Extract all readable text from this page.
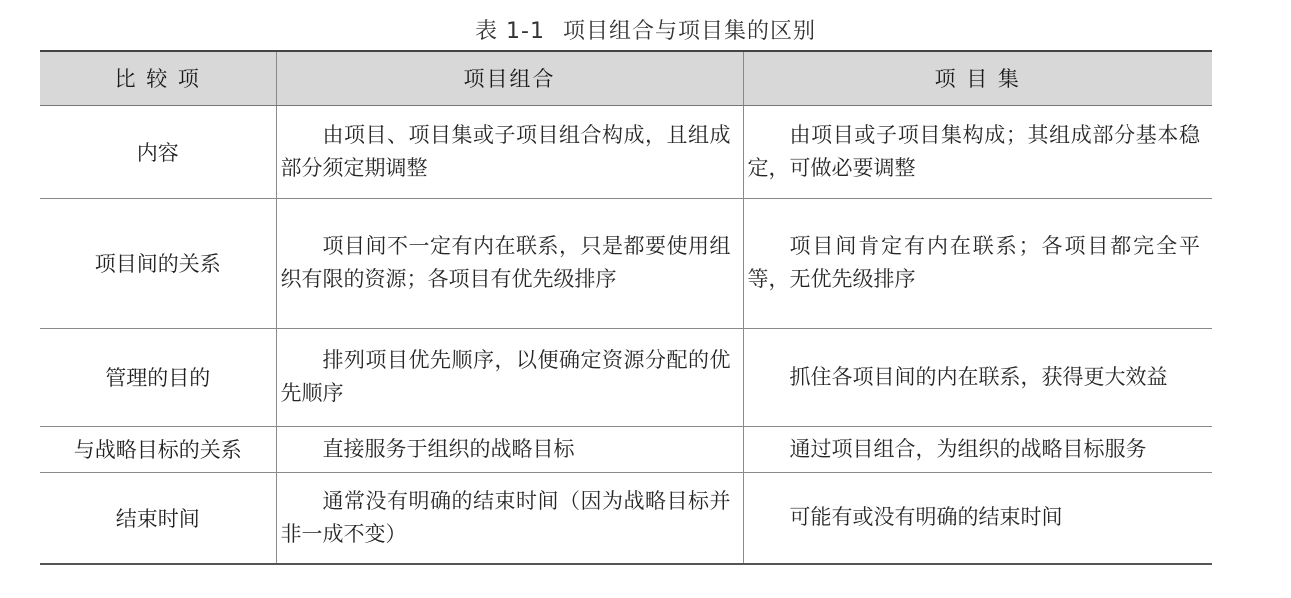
表 1-1 项目组合与项目集的区别
比 较 项	项目组合	项 目 集
内容	由项目、项目集或子项目组合构成，且组成部分须定期调整	由项目或子项目集构成；其组成部分基本稳定，可做必要调整
项目间的关系	项目间不一定有内在联系，只是都要使用组织有限的资源；各项目有优先级排序	项目间肯定有内在联系；各项目都完全平等，无优先级排序
管理的目的	排列项目优先顺序，以便确定资源分配的优先顺序	抓住各项目间的内在联系，获得更大效益
与战略目标的关系	直接服务于组织的战略目标	通过项目组合，为组织的战略目标服务
结束时间	通常没有明确的结束时间（因为战略目标并非一成不变）	可能有或没有明确的结束时间
